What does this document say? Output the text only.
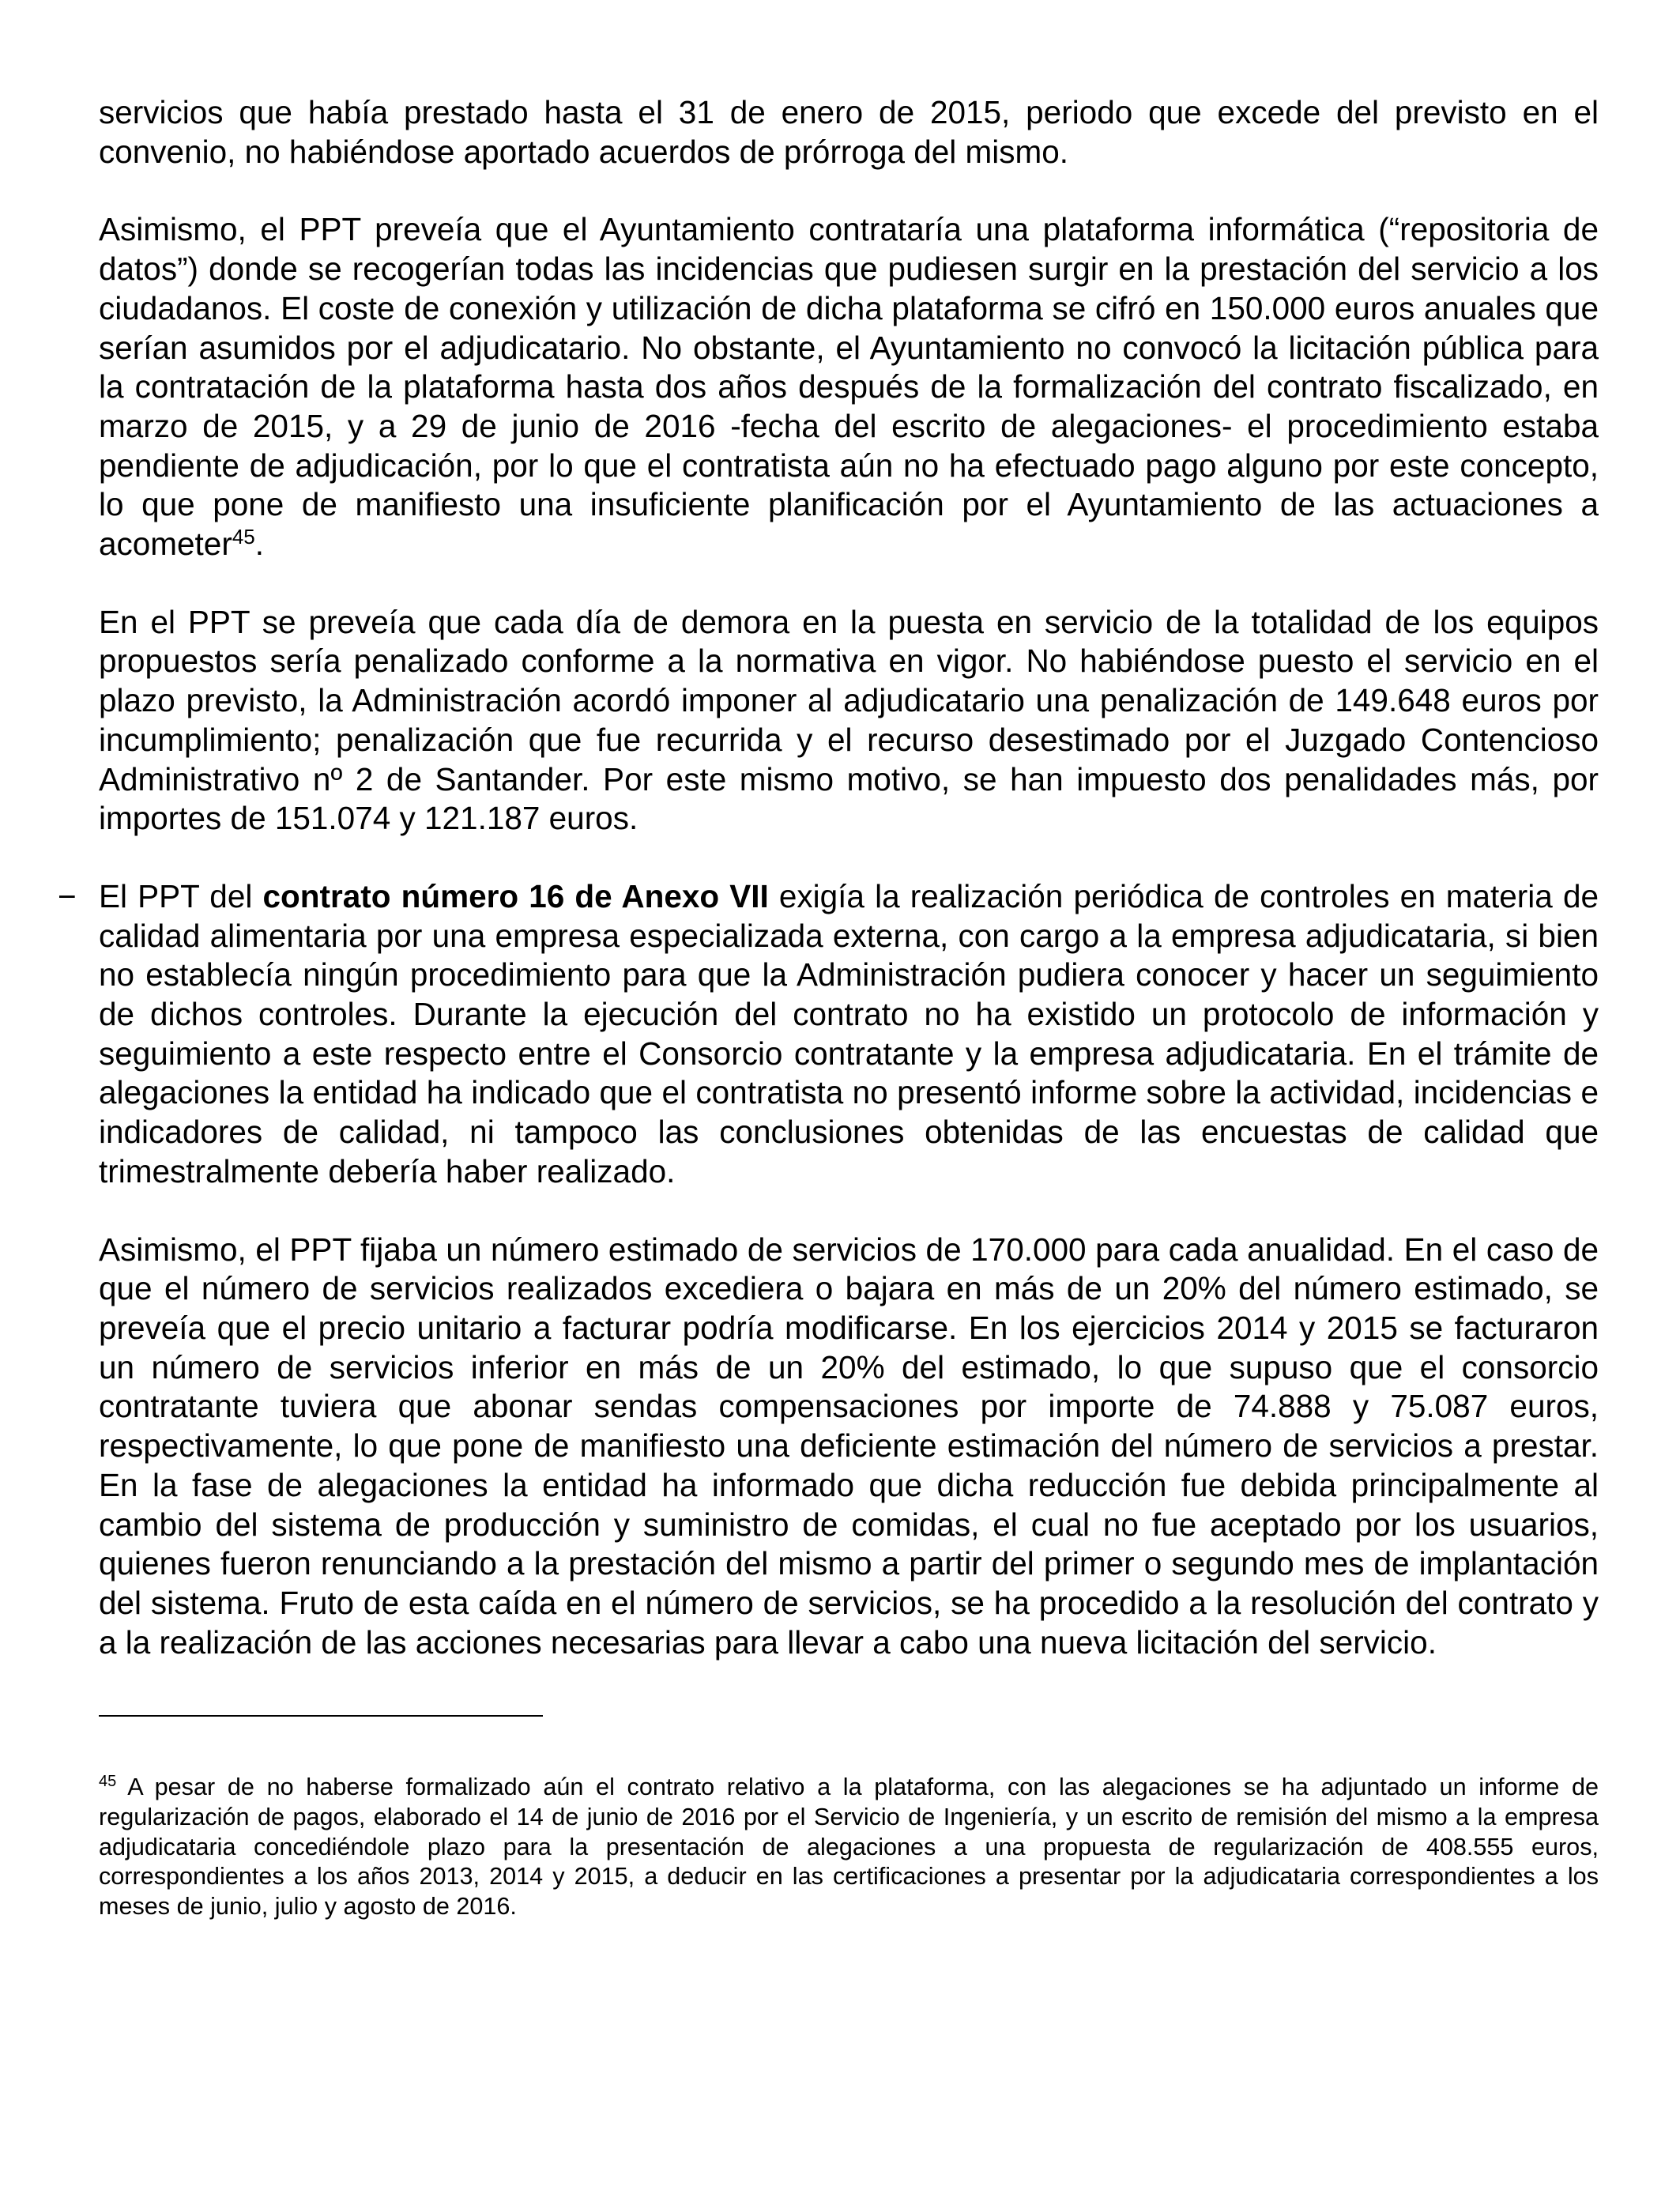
servicios que había prestado hasta el 31 de enero de 2015, periodo que excede del previsto en el convenio, no habiéndose aportado acuerdos de prórroga del mismo.

Asimismo, el PPT preveía que el Ayuntamiento contrataría una plataforma informática (“repositoria de datos”) donde se recogerían todas las incidencias que pudiesen surgir en la prestación del servicio a los ciudadanos. El coste de conexión y utilización de dicha plataforma se cifró en 150.000 euros anuales que serían asumidos por el adjudicatario. No obstante, el Ayuntamiento no convocó la licitación pública para la contratación de la plataforma hasta dos años después de la formalización del contrato fiscalizado, en marzo de 2015, y a 29 de junio de 2016 -fecha del escrito de alegaciones- el procedimiento estaba pendiente de adjudicación, por lo que el contratista aún no ha efectuado pago alguno por este concepto, lo que pone de manifiesto una insuficiente planificación por el Ayuntamiento de las actuaciones a acometer$^{45}$.

En el PPT se preveía que cada día de demora en la puesta en servicio de la totalidad de los equipos propuestos sería penalizado conforme a la normativa en vigor. No habiéndose puesto el servicio en el plazo previsto, la Administración acordó imponer al adjudicatario una penalización de 149.648 euros por incumplimiento; penalización que fue recurrida y el recurso desestimado por el Juzgado Contencioso Administrativo nº 2 de Santander. Por este mismo motivo, se han impuesto dos penalidades más, por importes de 151.074 y 121.187 euros.

− El PPT del contrato número 16 de Anexo VII exigía la realización periódica de controles en materia de calidad alimentaria por una empresa especializada externa, con cargo a la empresa adjudicataria, si bien no establecía ningún procedimiento para que la Administración pudiera conocer y hacer un seguimiento de dichos controles. Durante la ejecución del contrato no ha existido un protocolo de información y seguimiento a este respecto entre el Consorcio contratante y la empresa adjudicataria. En el trámite de alegaciones la entidad ha indicado que el contratista no presentó informe sobre la actividad, incidencias e indicadores de calidad, ni tampoco las conclusiones obtenidas de las encuestas de calidad que trimestralmente debería haber realizado.

Asimismo, el PPT fijaba un número estimado de servicios de 170.000 para cada anualidad. En el caso de que el número de servicios realizados excediera o bajara en más de un 20% del número estimado, se preveía que el precio unitario a facturar podría modificarse. En los ejercicios 2014 y 2015 se facturaron un número de servicios inferior en más de un 20% del estimado, lo que supuso que el consorcio contratante tuviera que abonar sendas compensaciones por importe de 74.888 y 75.087 euros, respectivamente, lo que pone de manifiesto una deficiente estimación del número de servicios a prestar. En la fase de alegaciones la entidad ha informado que dicha reducción fue debida principalmente al cambio del sistema de producción y suministro de comidas, el cual no fue aceptado por los usuarios, quienes fueron renunciando a la prestación del mismo a partir del primer o segundo mes de implantación del sistema. Fruto de esta caída en el número de servicios, se ha procedido a la resolución del contrato y a la realización de las acciones necesarias para llevar a cabo una nueva licitación del servicio.

$^{45}$ A pesar de no haberse formalizado aún el contrato relativo a la plataforma, con las alegaciones se ha adjuntado un informe de regularización de pagos, elaborado el 14 de junio de 2016 por el Servicio de Ingeniería, y un escrito de remisión del mismo a la empresa adjudicataria concediéndole plazo para la presentación de alegaciones a una propuesta de regularización de 408.555 euros, correspondientes a los años 2013, 2014 y 2015, a deducir en las certificaciones a presentar por la adjudicataria correspondientes a los meses de junio, julio y agosto de 2016.
